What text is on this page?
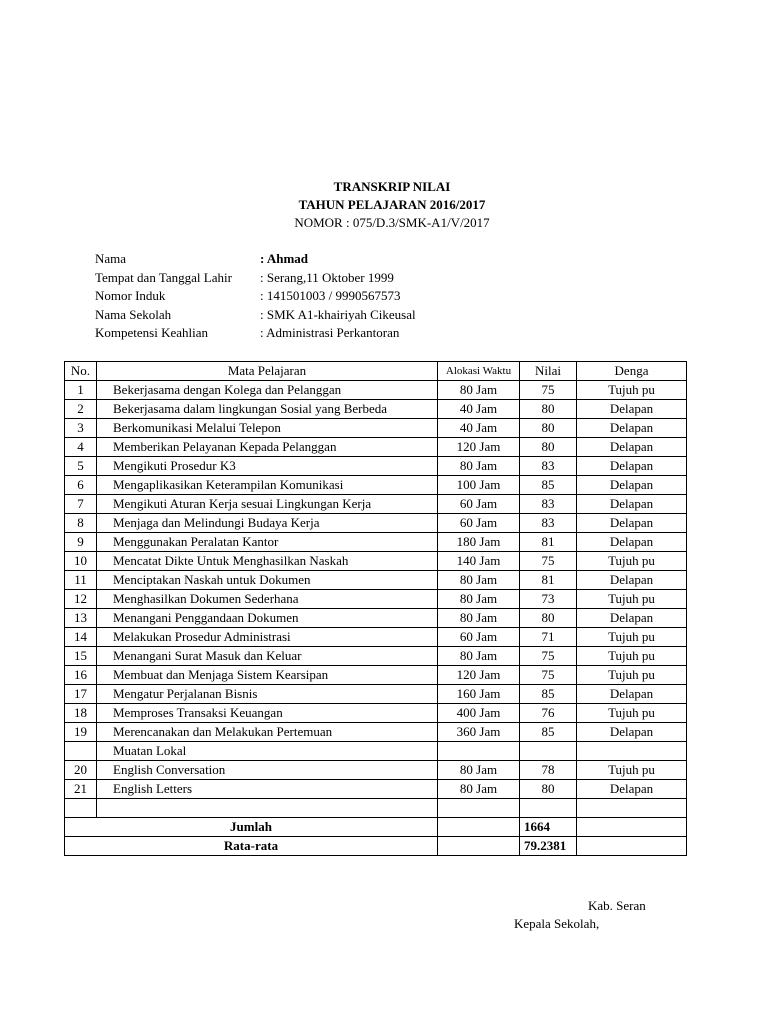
TRANSKRIP NILAI
TAHUN PELAJARAN 2016/2017
NOMOR : 075/D.3/SMK-A1/V/2017
Nama	: Ahmad
Tempat dan Tanggal Lahir	: Serang,11 Oktober 1999
Nomor Induk	: 141501003 / 9990567573
Nama Sekolah	: SMK A1-khairiyah Cikeusal
Kompetensi Keahlian	: Administrasi Perkantoran
No.	Mata Pelajaran	Alokasi Waktu	Nilai	Denga
1	Bekerjasama dengan Kolega dan Pelanggan	80 Jam	75	Tujuh pu
2	Bekerjasama dalam lingkungan Sosial yang Berbeda	40 Jam	80	Delapan
3	Berkomunikasi Melalui Telepon	40 Jam	80	Delapan
4	Memberikan Pelayanan Kepada Pelanggan	120 Jam	80	Delapan
5	Mengikuti Prosedur K3	80 Jam	83	Delapan
6	Mengaplikasikan Keterampilan Komunikasi	100 Jam	85	Delapan
7	Mengikuti Aturan Kerja sesuai Lingkungan Kerja	60 Jam	83	Delapan
8	Menjaga dan Melindungi Budaya Kerja	60 Jam	83	Delapan
9	Menggunakan Peralatan Kantor	180 Jam	81	Delapan
10	Mencatat Dikte Untuk Menghasilkan Naskah	140 Jam	75	Tujuh pu
11	Menciptakan Naskah untuk Dokumen	80 Jam	81	Delapan
12	Menghasilkan Dokumen Sederhana	80 Jam	73	Tujuh pu
13	Menangani Penggandaan Dokumen	80 Jam	80	Delapan
14	Melakukan Prosedur Administrasi	60 Jam	71	Tujuh pu
15	Menangani Surat Masuk dan Keluar	80 Jam	75	Tujuh pu
16	Membuat dan Menjaga Sistem Kearsipan	120 Jam	75	Tujuh pu
17	Mengatur Perjalanan Bisnis	160 Jam	85	Delapan
18	Memproses Transaksi Keuangan	400 Jam	76	Tujuh pu
19	Merencanakan dan Melakukan Pertemuan	360 Jam	85	Delapan
	Muatan Lokal			
20	English Conversation	80 Jam	78	Tujuh pu
21	English Letters	80 Jam	80	Delapan

Jumlah			1664	
Rata-rata			79.2381	
Kab. Seran
Kepala Sekolah,
